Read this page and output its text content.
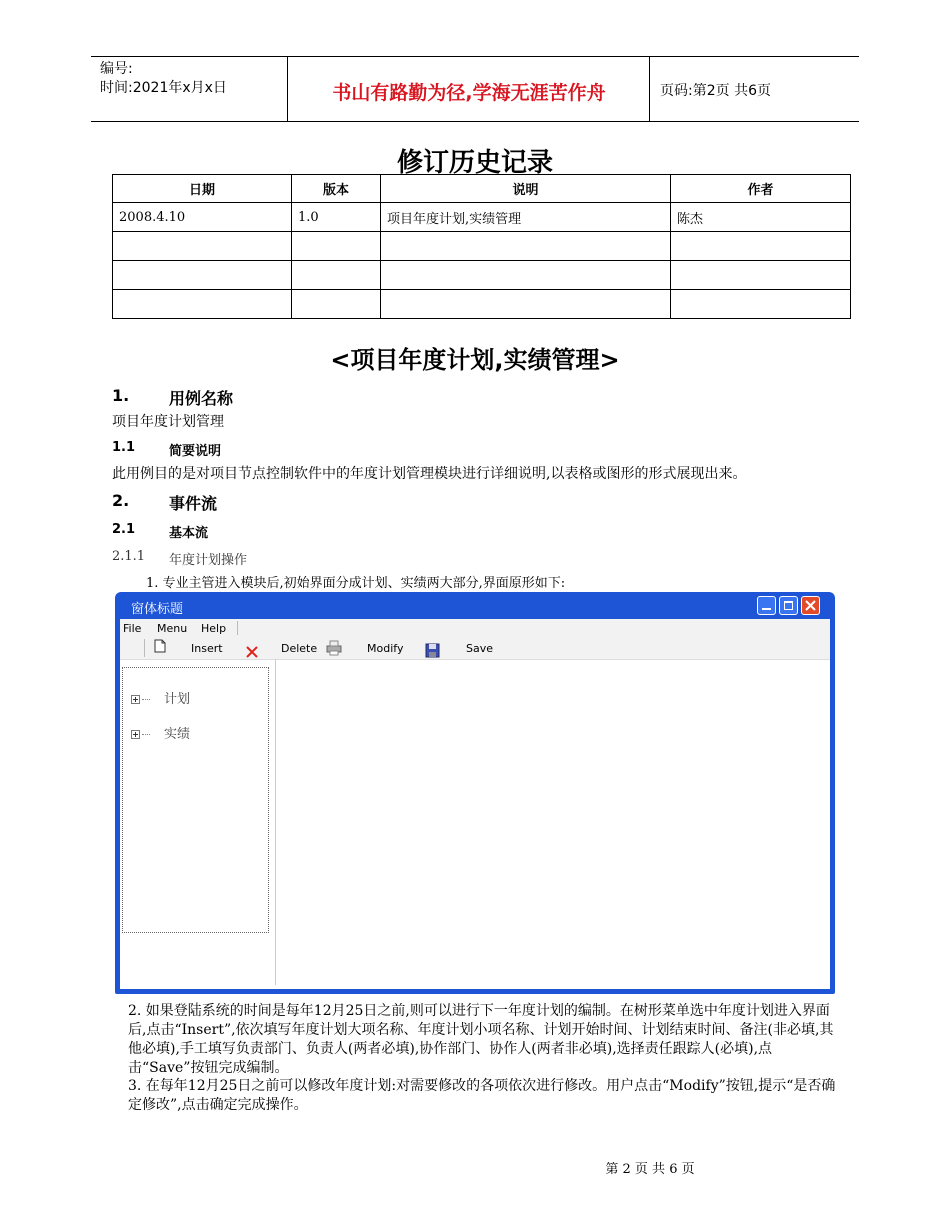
编号:
时间:2021年x月x日	书山有路勤为径,学海无涯苦作舟	页码:第2页 共6页
修订历史记录
日期	版本	说明	作者
2008.4.10	1.0	项目年度计划,实绩管理	陈杰

<项目年度计划,实绩管理>
1. 用例名称
项目年度计划管理
1.1	简要说明
此用例目的是对项目节点控制软件中的年度计划管理模块进行详细说明,以表格或图形的形式展现出来。
2. 事件流
2.1	基本流
2.1.1 年度计划操作
1. 专业主管进入模块后,初始界面分成计划、实绩两大部分,界面原形如下:
窗体标题
File Menu Help
Insert	Delete	Modify	Save
计划
实绩
2. 如果登陆系统的时间是每年12月25日之前,则可以进行下一年度计划的编制。在树形菜单选中年度计划进入界面后,点击“Insert”,依次填写年度计划大项名称、年度计划小项名称、计划开始时间、计划结束时间、备注(非必填,其他必填),手工填写负责部门、负责人(两者必填),协作部门、协作人(两者非必填),选择责任跟踪人(必填),点击“Save”按钮完成编制。
3. 在每年12月25日之前可以修改年度计划:对需要修改的各项依次进行修改。用户点击“Modify”按钮,提示“是否确定修改”,点击确定完成操作。
第 2 页 共 6 页
